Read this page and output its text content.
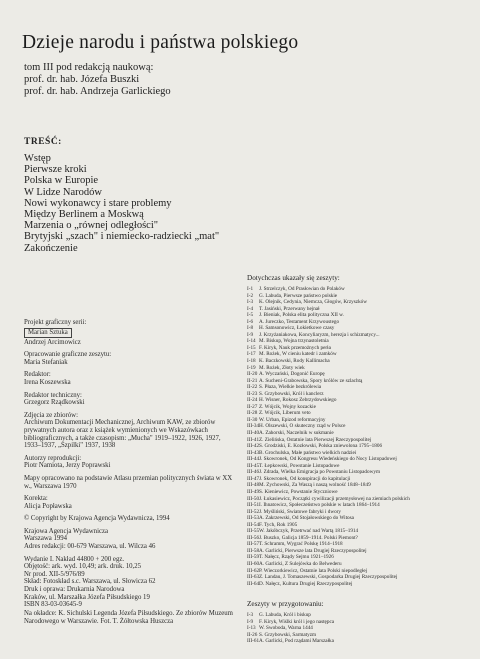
Dzieje narodu i państwa polskiego
tom III pod redakcją naukową:
prof. dr. hab. Józefa Buszki
prof. dr. hab. Andrzeja Garlickiego
TREŚĆ:
Wstęp
Pierwsze kroki
Polska w Europie
W Lidze Narodów
Nowi wykonawcy i stare problemy
Między Berlinem a Moskwą
Marzenia o „równej odległości"
Brytyjski „szach" i niemiecko-radziecki „mat"
Zakończenie

Projekt graficzny serii:

Marian Sztuka

Andrzej Arcimowicz

Opracowanie graficzne zeszytu:

Maria Stefaniak

Redaktor:

Irena Koszewska

Redaktor techniczny:

Grzegorz Rządkowski

Zdjęcia ze zbiorów:

Archiwum Dokumentacji Mechanicznej, Archiwum KAW, ze zbiorów prywatnych autora oraz z książek wymienionych we Wskazówkach bibliograficznych, a także czasopism: „Mucha" 1919–1922, 1926, 1927, 1933–1937, „Szpilki" 1937, 1938

Autorzy reprodukcji:

Piotr Namiota, Jerzy Poprawski

Mapy opracowano na podstawie Atlasu przemian politycznych świata w XX w., Warszawa 1970

Korekta:

Alicja Popławska

© Copyright by Krajowa Agencja Wydawnicza, 1994

Krajowa Agencja Wydawnicza

Warszawa 1994

Adres redakcji: 00-679 Warszawa, ul. Wilcza 46

Wydanie I. Nakład 44800 + 200 egz.

Objętość: ark. wyd. 10,49; ark. druk. 10,25

Nr prod. XII-5/976/89

Skład: Fotoskład s.c. Warszawa, ul. Słowicza 62

Druk i oprawa: Drukarnia Narodowa

Kraków, ul. Marszałka Józefa Piłsudskiego 19

ISBN 83-03-03645-9

Dotychczas ukazały się zeszyty:

I-1 J. Strzelczyk, Od Prasłowian do Polaków
I-2 G. Labuda, Pierwsze państwo polskie
I-3 K. Olejnik, Cedynia, Niemcza, Głogów, Krzyszków
I-4 T. Jasiński, Przerwany hejnał
I-5 J. Bieniak, Polska elita polityczna XII w.
I-6 A. Jureczko, Testament Krzywoustego
I-8 H. Samsonowicz, Łokietkowe czasy
I-9 J. Krzyżaniakowa, Koncyliaryzm, herezja i schizmatycy...
I-14 M. Biskup, Wojna trzynastoletnia
I-15 F. Kiryk, Nauk przemożnych perła
I-17 M. Rożek, W cieniu katedr i zamków
I-18 K. Baczkowski, Rody Kallimacha
I-19 M. Rożek, Złoty wiek
II-20 A. Wyczański, Dogonić Europę
II-21 A. Sucheni-Grabowska, Spory królów ze szlachtą
II-22 S. Płaza, Wielkie bezkrólewia
II-23 S. Grzybowski, Król i kanclerz
II-24 H. Wisner, Rokosz Zebrzydowskiego
II-27 Z. Wójcik, Wojny kozackie
II-28 Z. Wójcik, Liberum veto
II-30 W. Urban, Epizod reformacyjny
III-34H. Olszewski, O skuteczny rząd w Polsce
III-40A. Zahorski, Naczelnik w sukmanie
III-41Z. Zielińska, Ostatnie lata Pierwszej Rzeczypospolitej
III-42S. Grodziski, E. Kozłowski, Polska zniewolona 1795–1806
III-43B. Grochulska, Małe państwo wielkich nadziei
III-44J. Skowronek, Od Kongresu Wiedeńskiego do Nocy Listopadowej
III-45T. Łepkowski, Powstanie Listopadowe
III-46J. Zdrada, Wielka Emigracja po Powstaniu Listopadowym
III-47J. Skowronek, Od konspiracji do kapitulacji
III-48M. Żychowski, Za Waszą i naszą wolność 1848–1849
III-49S. Kieniewicz, Powstanie Styczniowe
III-50J. Łukasiewicz, Początki cywilizacji przemysłowej na ziemiach polskich
III-51I. Ihnatowicz, Społeczeństwo polskie w latach 1864–1914
III-52J. Myśliński, Światowe fabryki i dwory
III-53A. Zakrzewski, Od Stojałowskiego do Witosa
III-54F. Tych, Rok 1905
III-55W. Jakóbczyk, Przetrwać nad Wartą 1815–1914
III-56J. Buszko, Galicja 1859–1914. Polski Piemont?
III-57T. Schramm, Wygrać Polskę 1914–1918
III-58A. Garlicki, Pierwsze lata Drugiej Rzeczypospolitej
III-59T. Nałęcz, Rządy Sejmu 1921–1926
III-60A. Garlicki, Z Sulejówka do Belwederu
III-62P. Wieczorkiewicz, Ostatnie lata Polski niepodległej
III-63Z. Landau, J. Tomaszewski, Gospodarka Drugiej Rzeczypospolitej
III-64D. Nałęcz, Kultura Drugiej Rzeczypospolitej

Zeszyty w przygotowaniu:

I-3 G. Labuda, Król i biskup
I-9 F. Kiryk, Wiślki król i jego następca
I-13 W. Swoboda, Warna 1444
II-26 S. Grzybowski, Sarmatyzm
III-61A. Garlicki, Pod rządami Marszałka
Na okładce: K. Sichulski Legenda Józefa Piłsudskiego. Ze zbiorów Muzeum Narodowego w Warszawie. Fot. T. Żółtowska Huszcza
